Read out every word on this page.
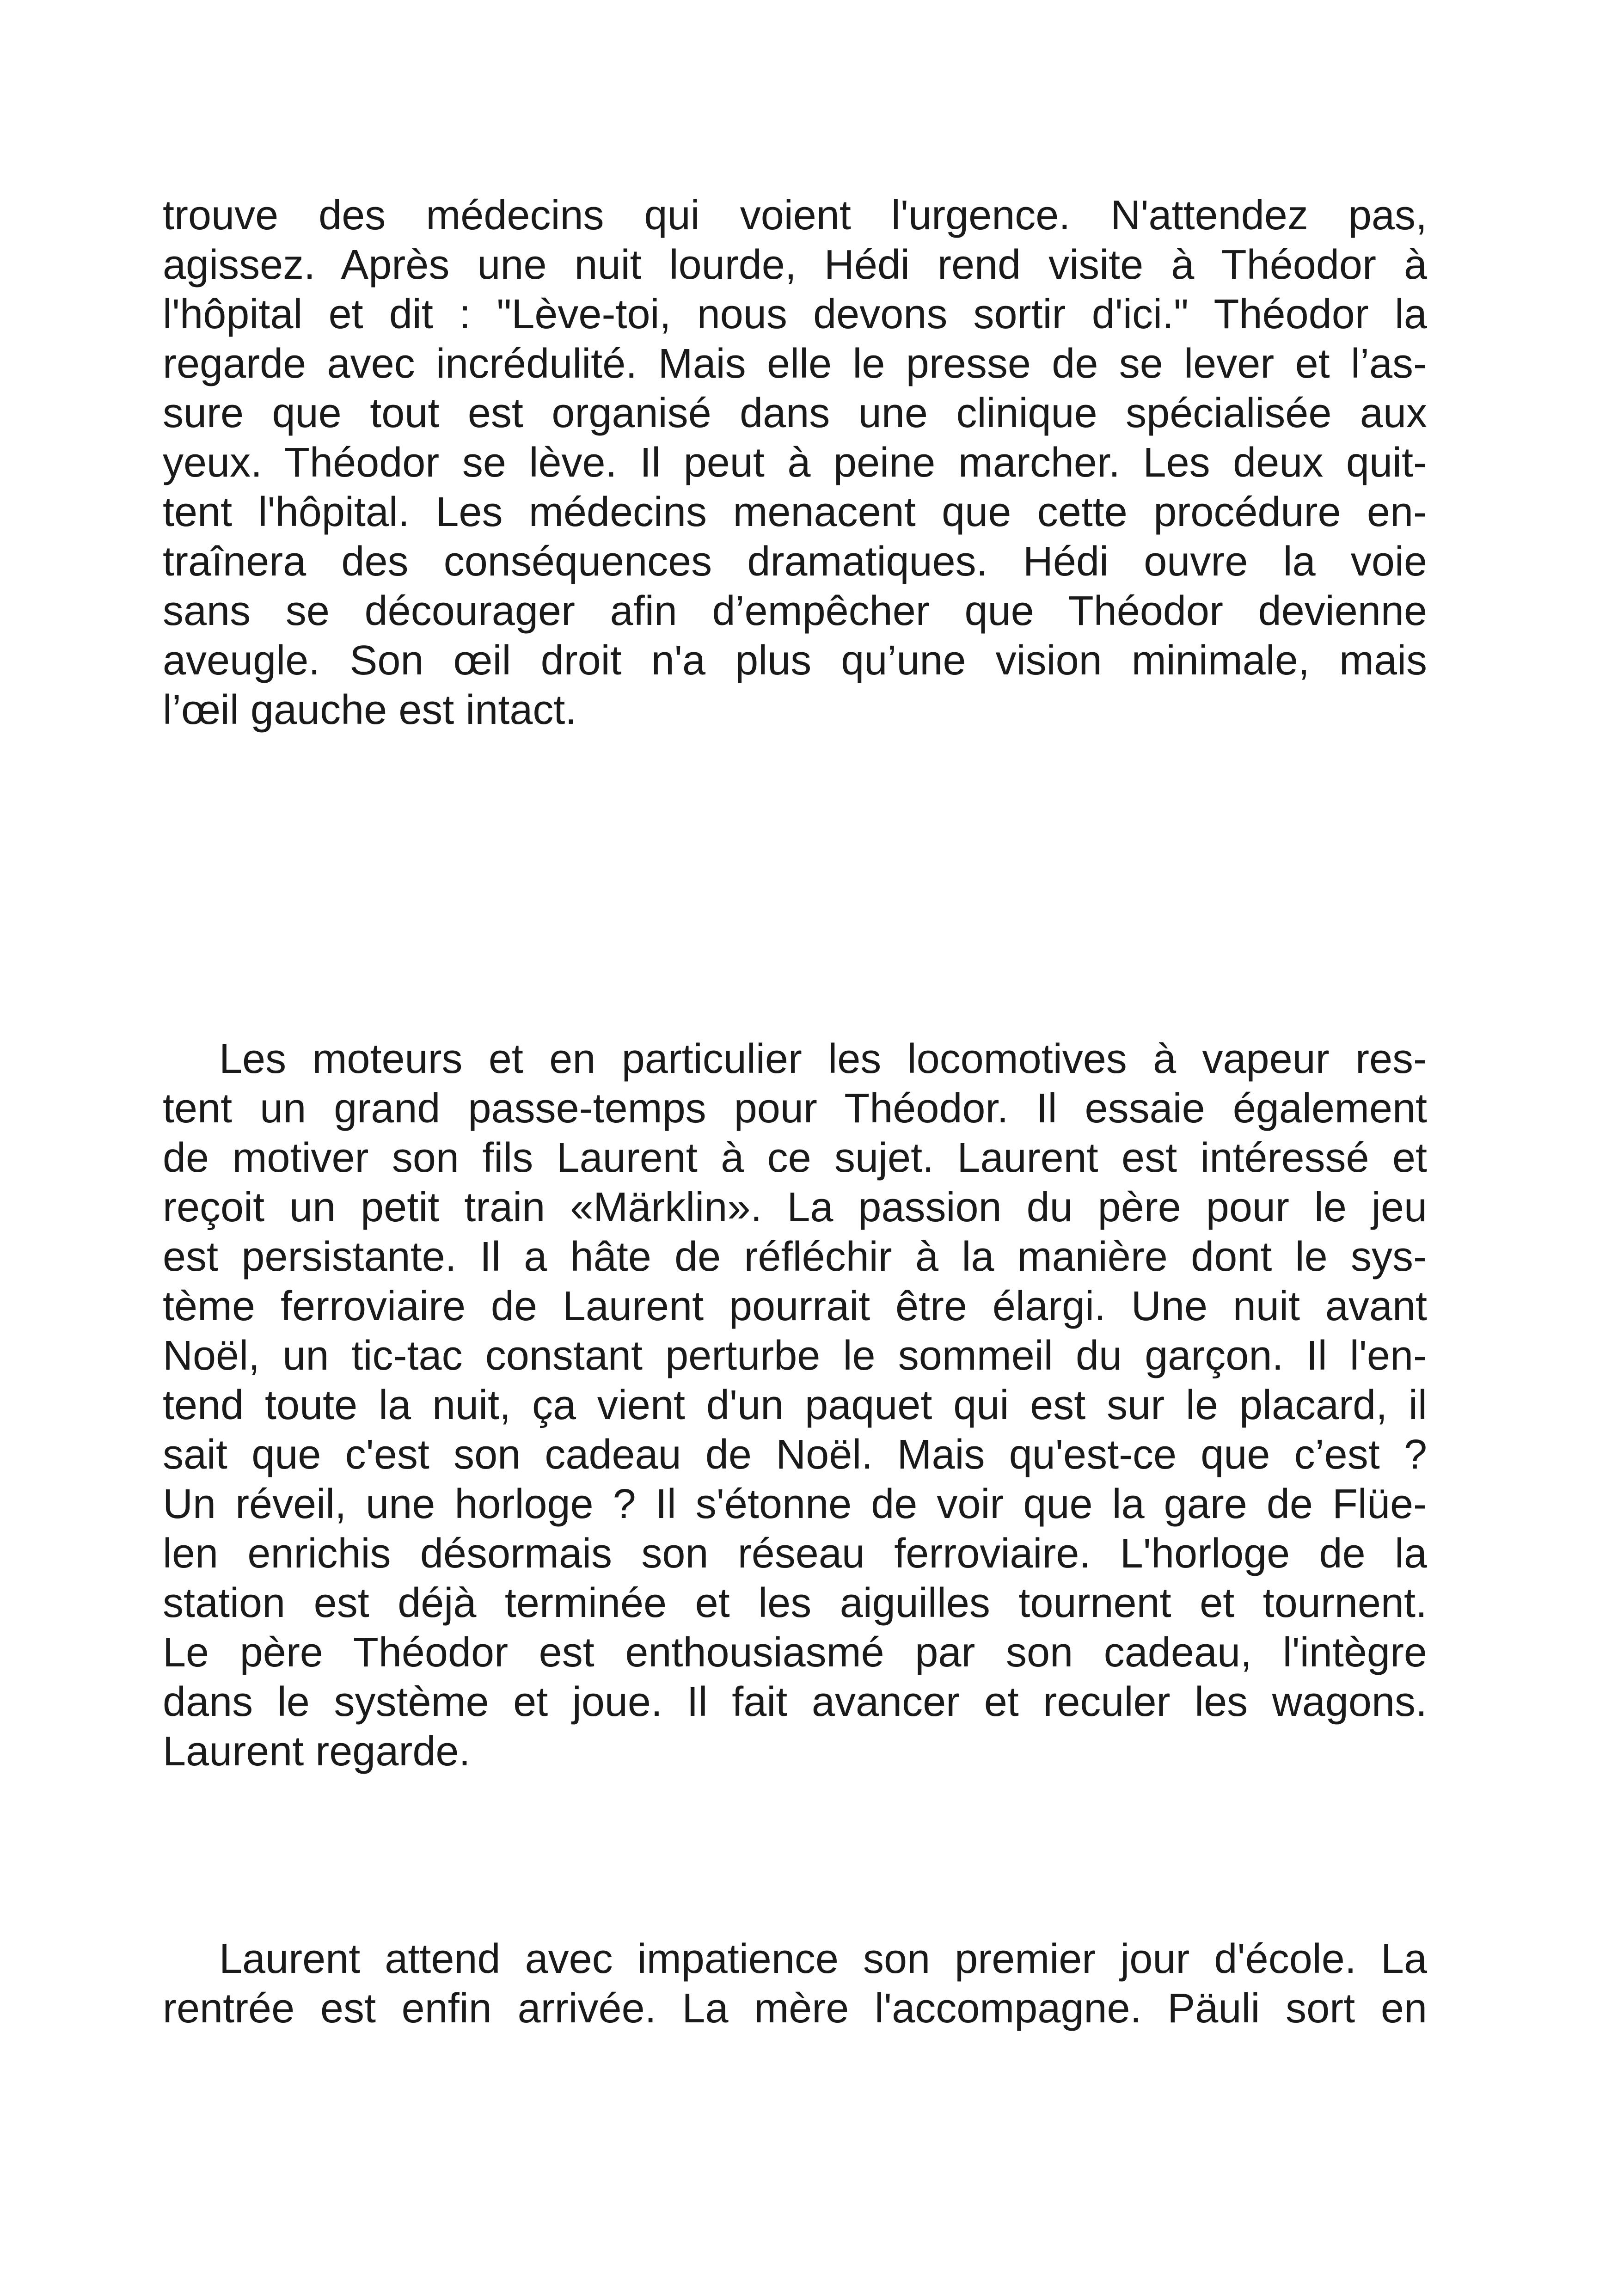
trouve des médecins qui voient l'urgence. N'attendez pas,
agissez. Après une nuit lourde, Hédi rend visite à Théodor à
l'hôpital et dit : "Lève-toi, nous devons sortir d'ici." Théodor la
regarde avec incrédulité. Mais elle le presse de se lever et l’as-
sure que tout est organisé dans une clinique spécialisée aux
yeux. Théodor se lève. Il peut à peine marcher. Les deux quit-
tent l'hôpital. Les médecins menacent que cette procédure en-
traînera des conséquences dramatiques. Hédi ouvre la voie
sans se décourager afin d’empêcher que Théodor devienne
aveugle. Son œil droit n'a plus qu’une vision minimale, mais
l’œil gauche est intact.
Les moteurs et en particulier les locomotives à vapeur res-
tent un grand passe-temps pour Théodor. Il essaie également
de motiver son fils Laurent à ce sujet. Laurent est intéressé et
reçoit un petit train «Märklin». La passion du père pour le jeu
est persistante. Il a hâte de réfléchir à la manière dont le sys-
tème ferroviaire de Laurent pourrait être élargi. Une nuit avant
Noël, un tic-tac constant perturbe le sommeil du garçon. Il l'en-
tend toute la nuit, ça vient d'un paquet qui est sur le placard, il
sait que c'est son cadeau de Noël. Mais qu'est-ce que c’est ?
Un réveil, une horloge ? Il s'étonne de voir que la gare de Flüe-
len enrichis désormais son réseau ferroviaire. L'horloge de la
station est déjà terminée et les aiguilles tournent et tournent.
Le père Théodor est enthousiasmé par son cadeau, l'intègre
dans le système et joue. Il fait avancer et reculer les wagons.
Laurent regarde.
Laurent attend avec impatience son premier jour d'école. La
rentrée est enfin arrivée. La mère l'accompagne. Päuli sort en
